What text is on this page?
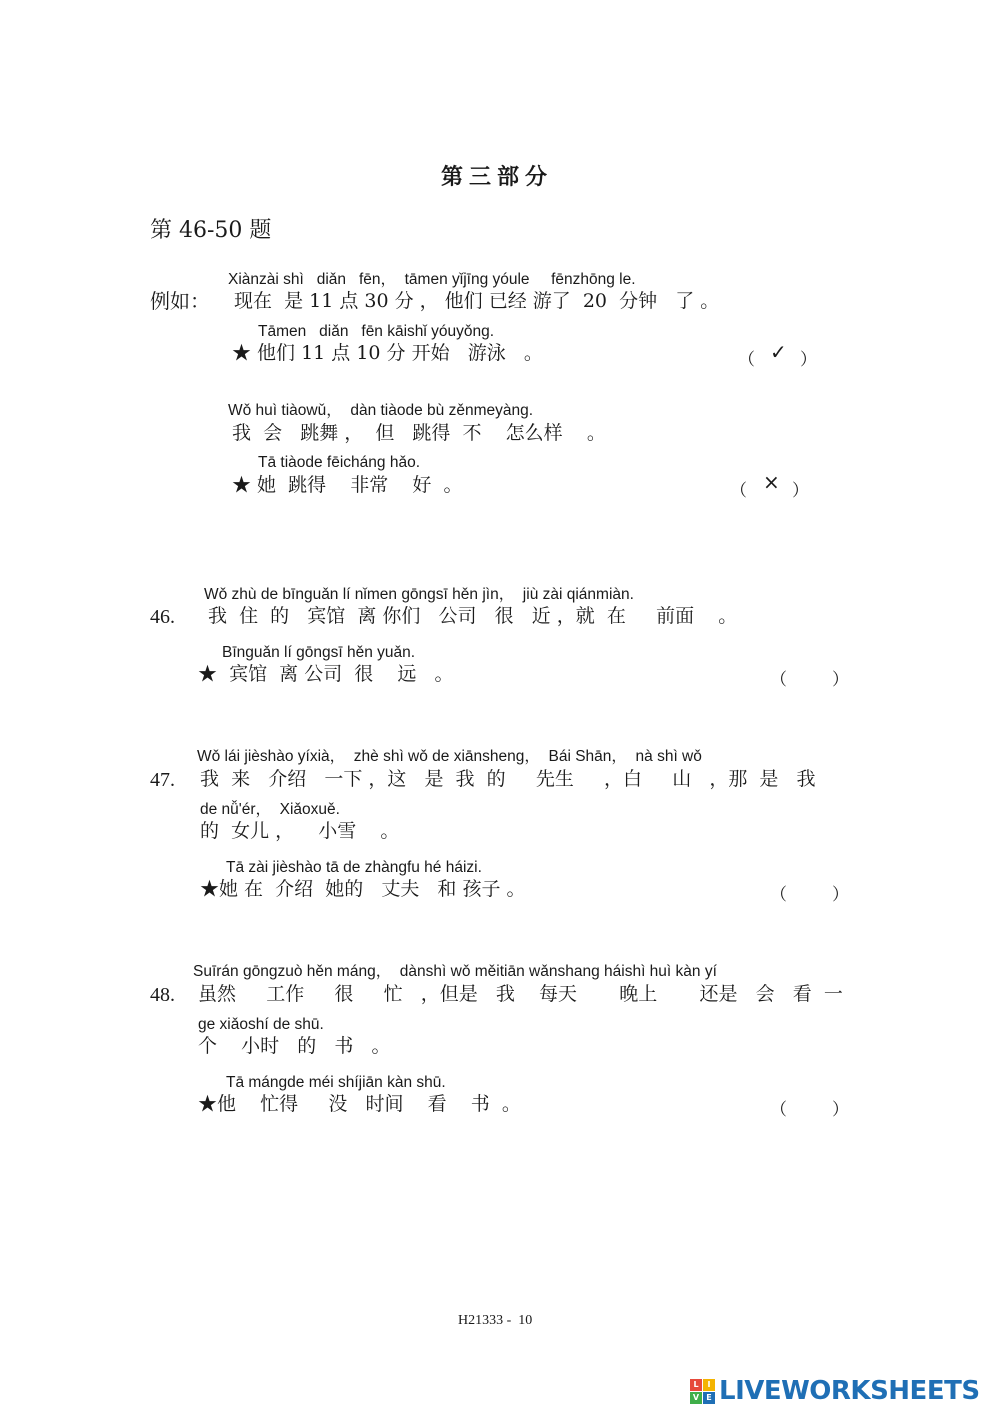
第三部分
第 46-50 题
Xiànzài shì   diǎn   fēn，  tāmen yǐjīng yóule     fēnzhōng le.
例如： 现在  是 11 点 30 分 ， 他们 已经 游了  20  分钟   了 。
Tāmen   diǎn   fēn kāishǐ yóuyǒng.
★ 他们 11 点 10 分 开始   游泳   。	（ ✓ ）
Wǒ huì tiàowǔ，  dàn tiàode bù zěnmeyàng.
我  会   跳舞 ，  但   跳得  不    怎么样    。
Tā tiàode fēicháng hǎo.
★ 她  跳得    非常    好  。	（ × ）
Wǒ zhù de bīnguǎn lí nǐmen gōngsī hěn jìn，  jiù zài qiánmiàn.
46. 我  住  的   宾馆  离 你们   公司   很   近 ，就  在     前面    。
Bīnguǎn lí gōngsī hěn yuǎn.
★  宾馆  离 公司  很    远   。	（	）
Wǒ lái jièshào yíxià，  zhè shì wǒ de xiānsheng，  Bái Shān，  nà shì wǒ
47. 我  来   介绍   一下 ，这   是  我  的     先生     ，白     山   ，那  是   我
de nǚ'ér，  Xiǎoxuě.
的  女儿 ，    小雪    。
Tā zài jièshào tā de zhàngfu hé háizi.
★她 在  介绍  她的   丈夫   和 孩子 。	（	）
Suīrán gōngzuò hěn máng，  dànshì wǒ měitiān wǎnshang háishì huì kàn yí
48. 虽然     工作     很     忙   ，但是   我    每天       晚上       还是   会   看  一
ge xiǎoshí de shū.
个    小时   的   书   。
Tā mángde méi shíjiān kàn shū.
★他    忙得     没   时间    看    书  。	（	）
H21333 -  10
L	I
V E LIVEWORKSHEETS
